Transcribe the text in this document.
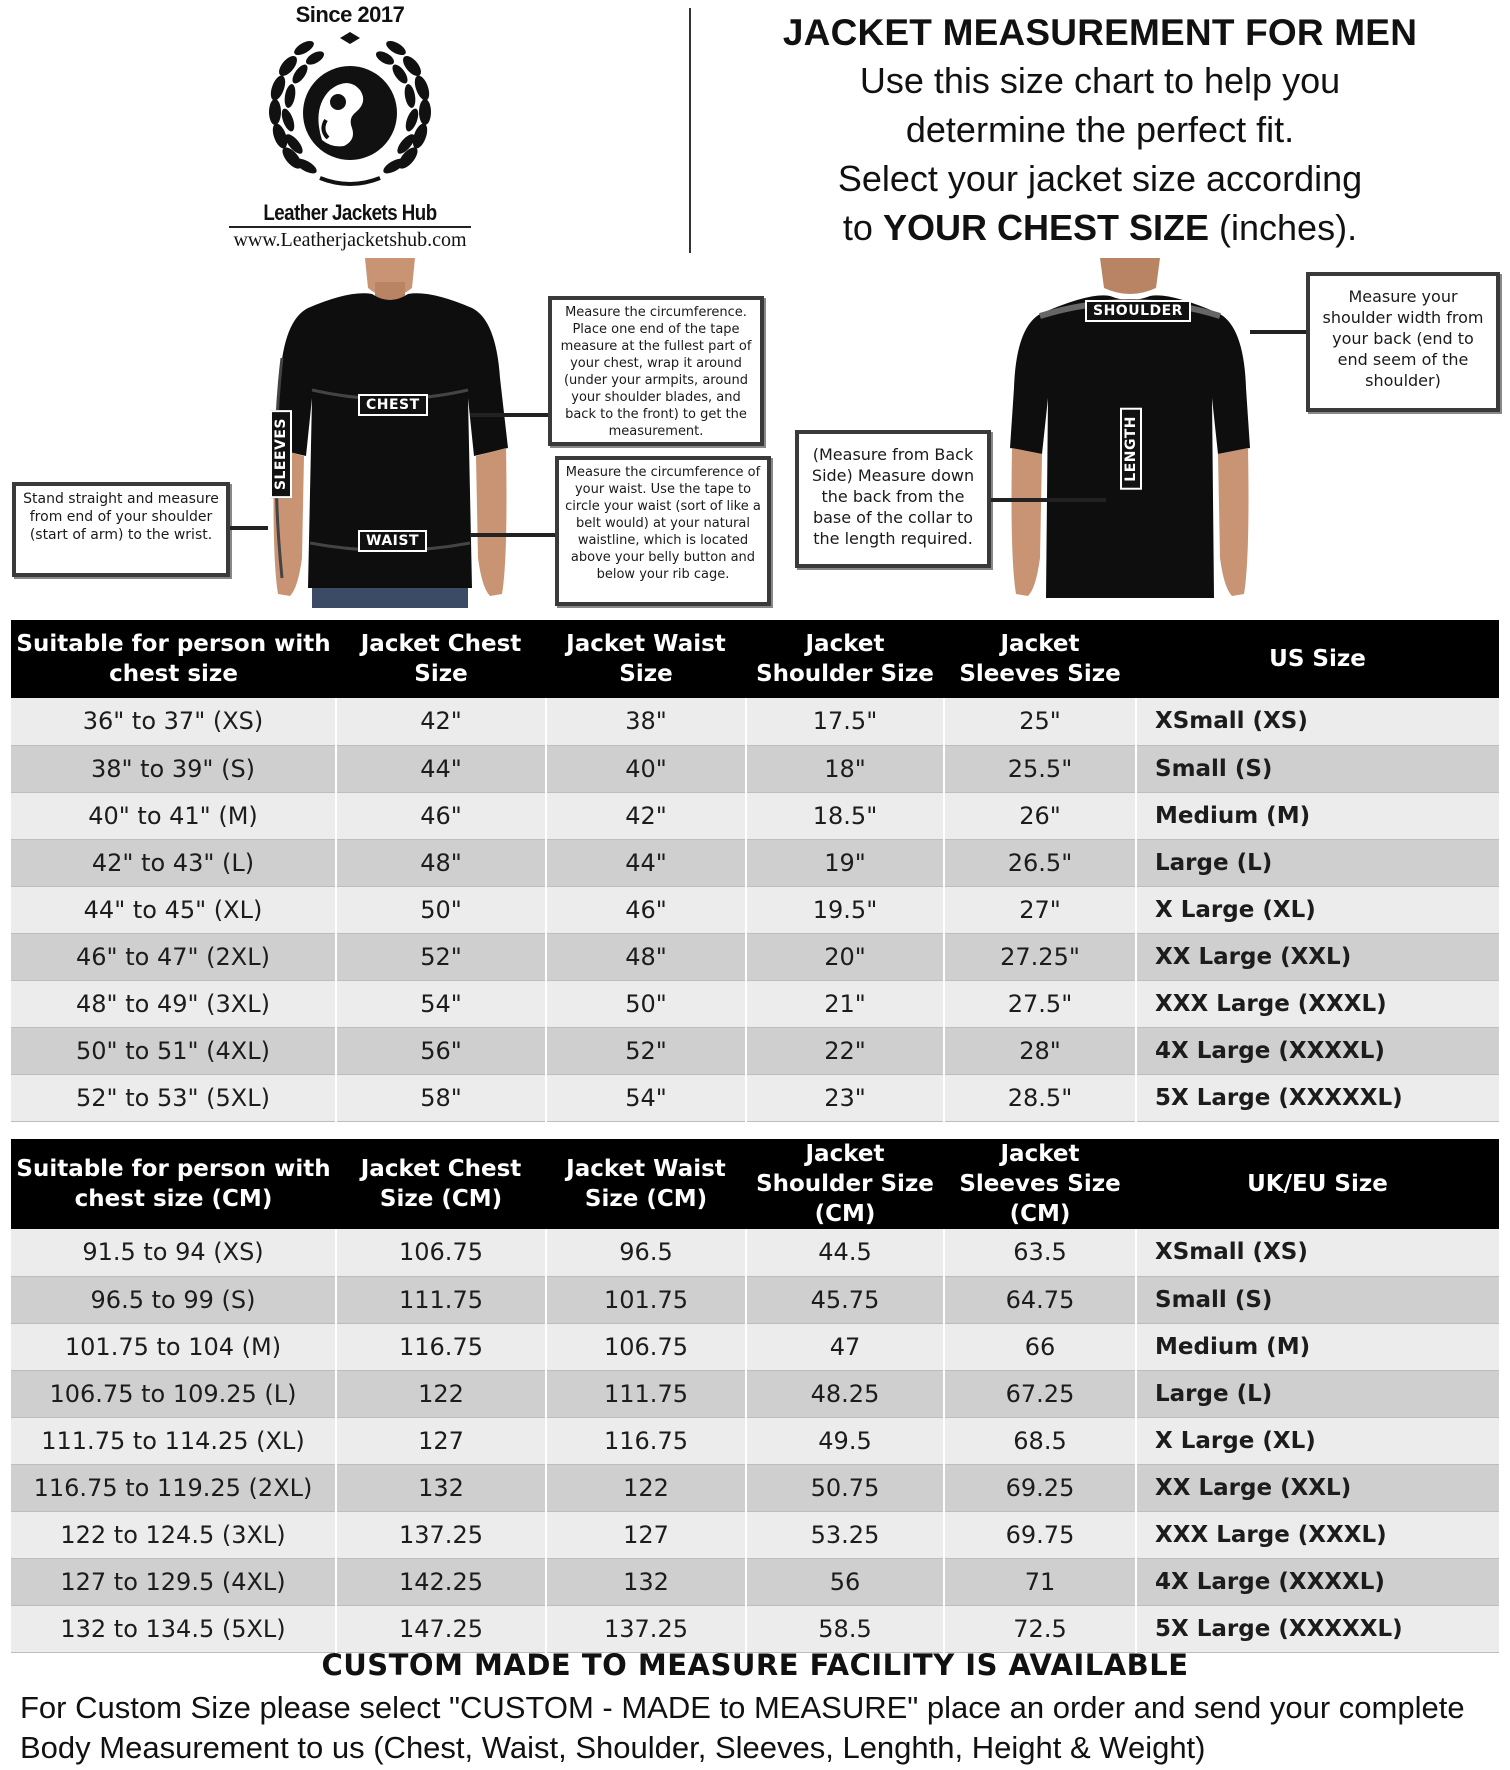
Since 2017
Leather Jackets Hub
www.Leatherjacketshub.com
JACKET MEASUREMENT FOR MEN
Use this size chart to help you
determine the perfect fit.
Select your jacket size according
to YOUR CHEST SIZE (inches).
CHEST
WAIST
SLEEVES
Stand straight and measure from end of your shoulder (start of arm) to the wrist.
Measure the circumference. Place one end of the tape measure at the fullest part of your chest, wrap it around (under your armpits, around your shoulder blades, and back to the front) to get the measurement.
Measure the circumference of your waist. Use the tape to circle your waist (sort of like a belt would) at your natural waistline, which is located above your belly button and below your rib cage.
SHOULDER
LENGTH
(Measure from Back Side) Measure down the back from the base of the collar to the length required.
Measure your shoulder width from your back (end to end seem of the shoulder)
Suitable for person with chest size	Jacket Chest Size	Jacket Waist Size	Jacket Shoulder Size	Jacket Sleeves Size	US Size
36" to 37" (XS)	42"	38"	17.5"	25"	XSmall (XS)
38" to 39" (S)	44"	40"	18"	25.5"	Small (S)
40" to 41" (M)	46"	42"	18.5"	26"	Medium (M)
42" to 43" (L)	48"	44"	19"	26.5"	Large (L)
44" to 45" (XL)	50"	46"	19.5"	27"	X Large (XL)
46" to 47" (2XL)	52"	48"	20"	27.25"	XX Large (XXL)
48" to 49" (3XL)	54"	50"	21"	27.5"	XXX Large (XXXL)
50" to 51" (4XL)	56"	52"	22"	28"	4X Large (XXXXL)
52" to 53" (5XL)	58"	54"	23"	28.5"	5X Large (XXXXXL)
Suitable for person with chest size (CM)	Jacket Chest Size (CM)	Jacket Waist Size (CM)	Jacket Shoulder Size (CM)	Jacket Sleeves Size (CM)	UK/EU Size
91.5 to 94 (XS)	106.75	96.5	44.5	63.5	XSmall (XS)
96.5 to 99 (S)	111.75	101.75	45.75	64.75	Small (S)
101.75 to 104 (M)	116.75	106.75	47	66	Medium (M)
106.75 to 109.25 (L)	122	111.75	48.25	67.25	Large (L)
111.75 to 114.25 (XL)	127	116.75	49.5	68.5	X Large (XL)
116.75 to 119.25 (2XL)	132	122	50.75	69.25	XX Large (XXL)
122 to 124.5 (3XL)	137.25	127	53.25	69.75	XXX Large (XXXL)
127 to 129.5 (4XL)	142.25	132	56	71	4X Large (XXXXL)
132 to 134.5 (5XL)	147.25	137.25	58.5	72.5	5X Large (XXXXXL)
CUSTOM MADE TO MEASURE FACILITY IS AVAILABLE
For Custom Size please select "CUSTOM - MADE to MEASURE" place an order and send your complete Body Measurement to us (Chest, Waist, Shoulder, Sleeves, Lenghth, Height & Weight)
